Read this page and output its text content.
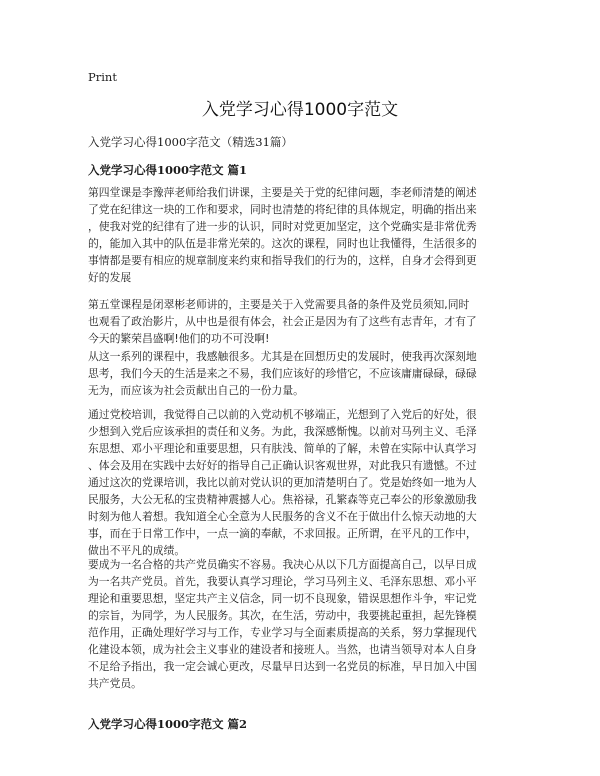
Print
入党学习心得1000字范文
入党学习心得1000字范文（精选31篇）
入党学习心得1000字范文 篇1
第四堂课是李豫萍老师给我们讲课，主要是关于党的纪律问题，李老师清楚的阐述
了党在纪律这一块的工作和要求，同时也清楚的将纪律的具体规定，明确的指出来
，使我对党的纪律有了进一步的认识，同时对党更加坚定，这个党确实是非常优秀
的，能加入其中的队伍是非常光荣的。这次的课程，同时也让我懂得，生活很多的
事情都是要有相应的规章制度来约束和指导我们的行为的，这样，自身才会得到更
好的发展
第五堂课程是闭翠彬老师讲的，主要是关于入党需要具备的条件及党员须知,同时
也观看了政治影片，从中也是很有体会，社会正是因为有了这些有志青年，才有了
今天的繁荣昌盛啊!他们的功不可没啊!
从这一系列的课程中，我感触很多。尤其是在回想历史的发展时，使我再次深刻地
思考，我们今天的生活是来之不易，我们应该好的珍惜它，不应该庸庸碌碌，碌碌
无为，而应该为社会贡献出自己的一份力量。
通过党校培训，我觉得自己以前的入党动机不够端正，光想到了入党后的好处，很
少想到入党后应该承担的责任和义务。为此，我深感惭愧。以前对马列主义、毛泽
东思想、邓小平理论和重要思想，只有肤浅、简单的了解，未曾在实际中认真学习
、体会及用在实践中去好好的指导自己正确认识客观世界，对此我只有遗憾。不过
通过这次的党课培训，我比以前对党认识的更加清楚明白了。党是始终如一地为人
民服务，大公无私的宝贵精神震撼人心。焦裕禄，孔繁森等克己奉公的形象激励我
时刻为他人着想。我知道全心全意为人民服务的含义不在于做出什么惊天动地的大
事，而在于日常工作中，一点一滴的奉献，不求回报。正所谓，在平凡的工作中，
做出不平凡的成绩。
要成为一名合格的共产党员确实不容易。我决心从以下几方面提高自己，以早日成
为一名共产党员。首先，我要认真学习理论，学习马列主义、毛泽东思想、邓小平
理论和重要思想，坚定共产主义信念，同一切不良现象，错误思想作斗争，牢记党
的宗旨，为同学，为人民服务。其次，在生活，劳动中，我要挑起重担，起先锋模
范作用，正确处理好学习与工作，专业学习与全面素质提高的关系，努力掌握现代
化建设本领，成为社会主义事业的建设者和接班人。当然，也请当领导对本人自身
不足给予指出，我一定会诚心更改，尽量早日达到一名党员的标准，早日加入中国
共产党员。
入党学习心得1000字范文 篇2
